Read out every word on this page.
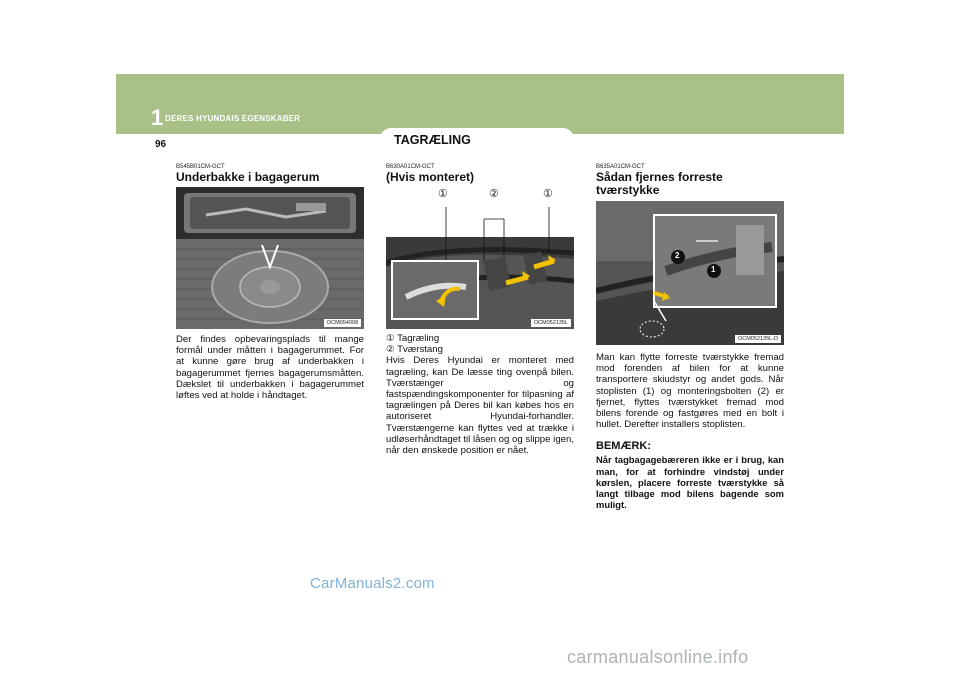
1 DERES HYUNDAIS EGENSKABER
96	TAGRÆLING
B545B01CM-GCT
Underbakke i bagagerum
OCM054008

Der findes opbevaringsplads til mange formål under måtten i bagagerummet. For at kunne gøre brug af underbakken i bagagerummet fjernes bagagerumsmåtten. Dækslet til underbakken i bagagerummet løftes ved at holde i håndtaget.

B630A01CM-GCT
(Hvis monteret)
①	②	①
OCM052135L
① Tagræling
② Tværstang

Hvis Deres Hyundai er monteret med tagræling, kan De læsse ting ovenpå bilen. Tværstænger og fastspændingskomponenter for tilpasning af tagrælingen på Deres bil kan købes hos en autoriseret Hyundai-forhandler. Tværstængerne kan flyttes ved at trække i udløserhåndtaget til låsen og og slippe igen, når den ønskede position er nået.

B635A01CM-GCT
Sådan fjernes forreste
tværstykke
1
2
OCM052135L-D

Man kan flytte forreste tværstykke fremad mod forenden af bilen for at kunne transportere skiudstyr og andet gods. Når stoplisten (1) og monteringsbolten (2) er fjernet, flyttes tværstykket fremad mod bilens forende og fastgøres med en bolt i hullet. Derefter installers stoplisten.

BEMÆRK:

Når tagbagagebæreren ikke er i brug, kan man, for at forhindre vindstøj under kørslen, placere forreste tværstykke så langt tilbage mod bilens bagende som muligt.

CarManuals2.com
carmanualsonline.info
